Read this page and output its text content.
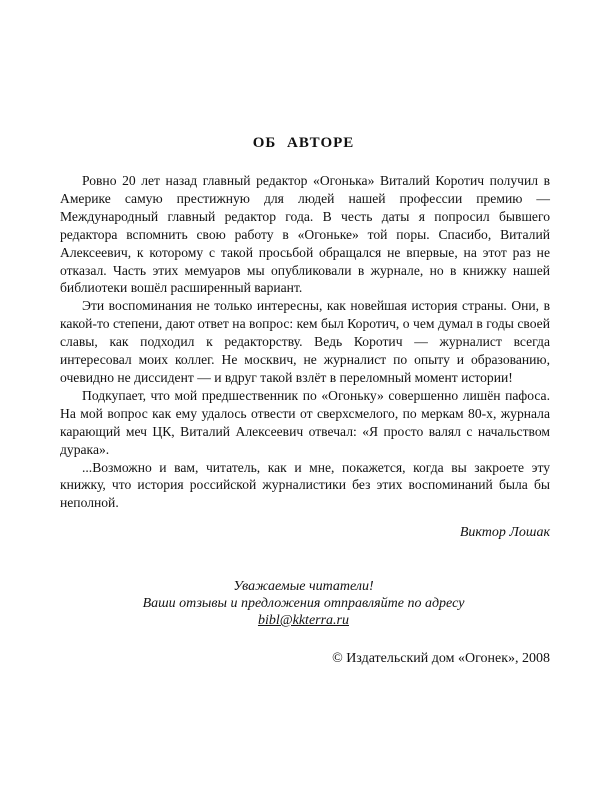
ОБ АВТОРЕ

Ровно 20 лет назад главный редактор «Огонька» Виталий Коротич получил в Америке самую престижную для людей нашей профессии премию — Международный главный редактор года. В честь даты я попросил бывшего редактора вспомнить свою работу в «Огоньке» той поры. Спасибо, Виталий Алексеевич, к которому с такой просьбой обращался не впервые, на этот раз не отказал. Часть этих мемуаров мы опубликовали в журнале, но в книжку нашей библиотеки вошёл расширенный вариант.

Эти воспоминания не только интересны, как новейшая история страны. Они, в какой-то степени, дают ответ на вопрос: кем был Коротич, о чем думал в годы своей славы, как подходил к редакторству. Ведь Коротич — журналист всегда интересовал моих коллег. Не москвич, не журналист по опыту и образованию, очевидно не диссидент — и вдруг такой взлёт в переломный момент истории!

Подкупает, что мой предшественник по «Огоньку» совершенно лишён пафоса. На мой вопрос как ему удалось отвести от сверхсмелого, по меркам 80-х, журнала карающий меч ЦК, Виталий Алексеевич отвечал: «Я просто валял с начальством дурака».

...Возможно и вам, читатель, как и мне, покажется, когда вы закроете эту книжку, что история российской журналистики без этих воспоминаний была бы неполной.

Виктор Лошак
Уважаемые читатели!
Ваши отзывы и предложения отправляйте по адресу
bibl@kkterra.ru
© Издательский дом «Огонек», 2008
